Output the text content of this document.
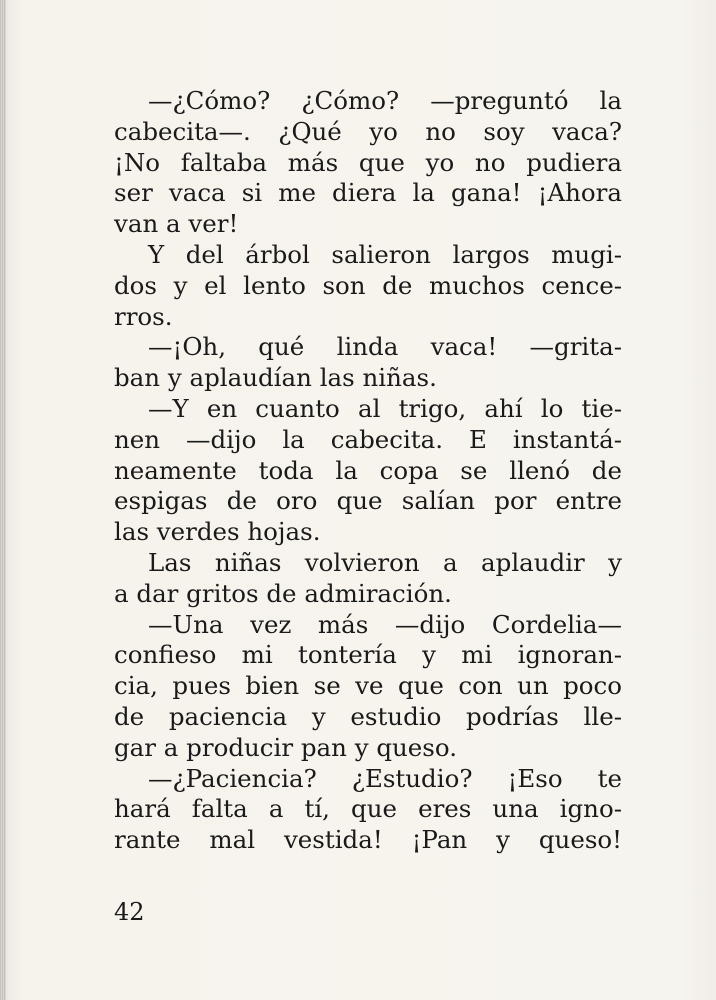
—¿Cómo? ¿Cómo? —preguntó la
cabecita—. ¿Qué yo no soy vaca?
¡No faltaba más que yo no pudiera
ser vaca si me diera la gana! ¡Ahora
van a ver!
Y del árbol salieron largos mugi-
dos y el lento son de muchos cence-
rros.
—¡Oh, qué linda vaca! —grita-
ban y aplaudían las niñas.
—Y en cuanto al trigo, ahí lo tie-
nen —dijo la cabecita. E instantá-
neamente toda la copa se llenó de
espigas de oro que salían por entre
las verdes hojas.
Las niñas volvieron a aplaudir y
a dar gritos de admiración.
—Una vez más —dijo Cordelia—
confieso mi tontería y mi ignoran-
cia, pues bien se ve que con un poco
de paciencia y estudio podrías lle-
gar a producir pan y queso.
—¿Paciencia? ¿Estudio? ¡Eso te
hará falta a tí, que eres una igno-
rante mal vestida! ¡Pan y queso!
42
